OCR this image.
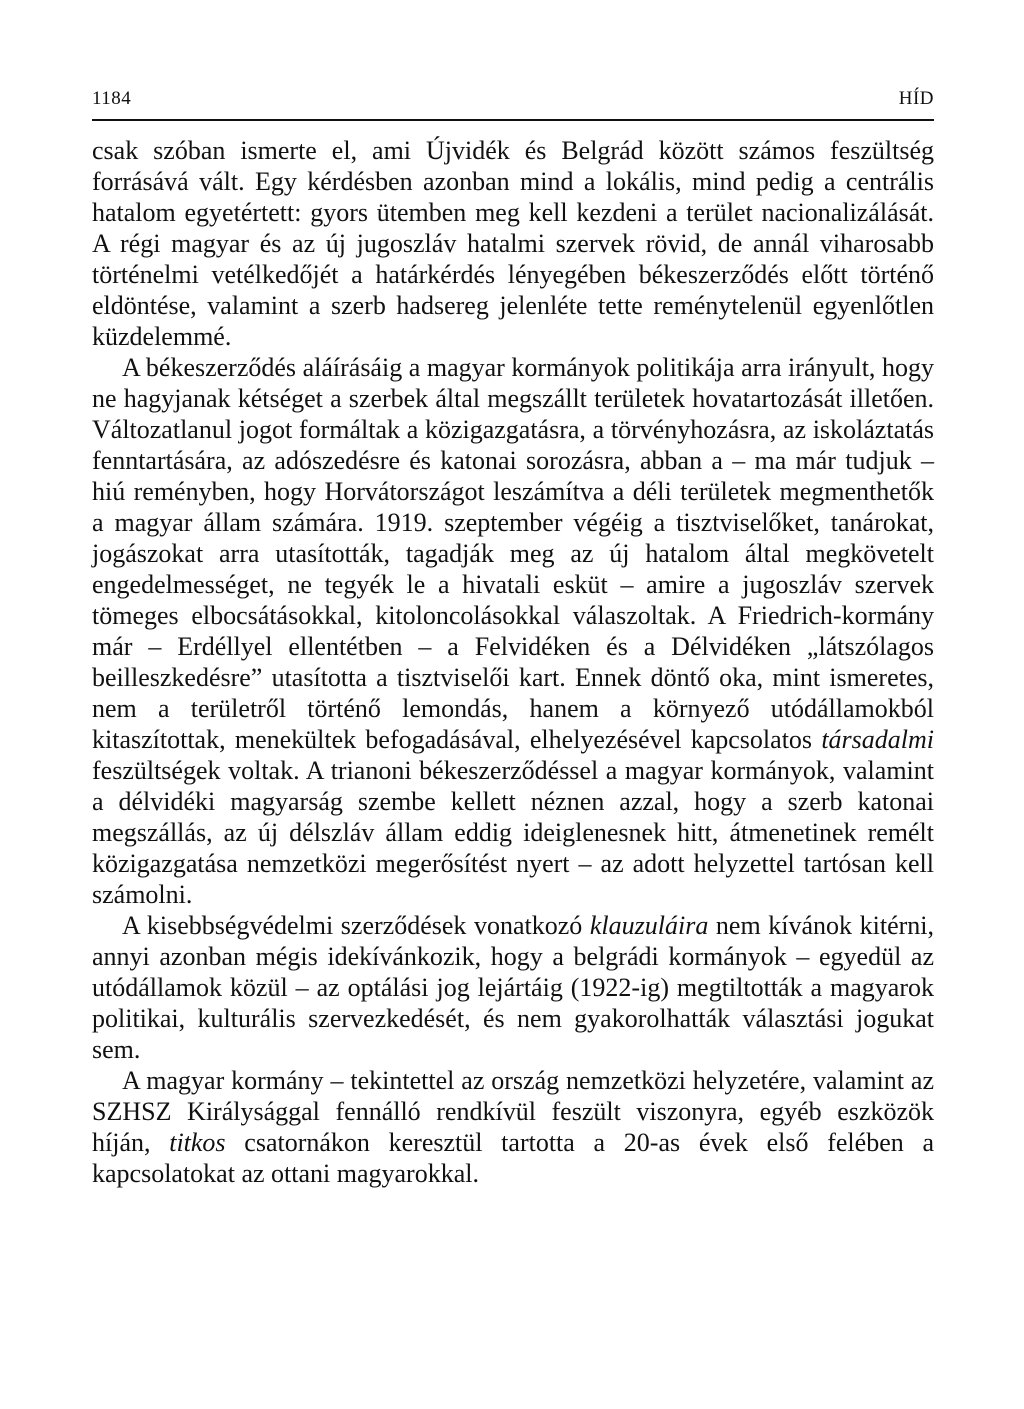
1184	HÍD

csak szóban ismerte el, ami Újvidék és Belgrád között számos feszültség forrásává vált. Egy kérdésben azonban mind a lokális, mind pedig a centrális hatalom egyetértett: gyors ütemben meg kell kezdeni a terület nacionalizálását. A régi magyar és az új jugoszláv hatalmi szervek rövid, de annál viharosabb történelmi vetélkedőjét a határkérdés lényegében békeszerződés előtt történő eldöntése, valamint a szerb hadsereg jelenléte tette reménytelenül egyenlőtlen küzdelemmé.

A békeszerződés aláírásáig a magyar kormányok politikája arra irányult, hogy ne hagyjanak kétséget a szerbek által megszállt területek hovatartozását illetően. Változatlanul jogot formáltak a közigazgatásra, a törvényhozásra, az iskoláztatás fenntartására, az adószedésre és katonai sorozásra, abban a – ma már tudjuk – hiú reményben, hogy Horvátországot leszámítva a déli területek megmenthetők a magyar állam számára. 1919. szeptember végéig a tisztviselőket, tanárokat, jogászokat arra utasították, tagadják meg az új hatalom által megkövetelt engedelmességet, ne tegyék le a hivatali esküt – amire a jugoszláv szervek tömeges elbocsátásokkal, kitoloncolásokkal válaszoltak. A Friedrich-kormány már – Erdéllyel ellentétben – a Felvidéken és a Délvidéken „látszólagos beilleszkedésre” utasította a tisztviselői kart. Ennek döntő oka, mint ismeretes, nem a területről történő lemondás, hanem a környező utódállamokból kitaszítottak, menekültek befogadásával, elhelyezésével kapcsolatos társadalmi feszültségek voltak. A trianoni békeszerződéssel a magyar kormányok, valamint a délvidéki magyarság szembe kellett néznen azzal, hogy a szerb katonai megszállás, az új délszláv állam eddig ideiglenesnek hitt, átmenetinek remélt közigazgatása nemzetközi megerősítést nyert – az adott helyzettel tartósan kell számolni.

A kisebbségvédelmi szerződések vonatkozó klauzuláira nem kívánok kitérni, annyi azonban mégis idekívánkozik, hogy a belgrádi kormányok – egyedül az utódállamok közül – az optálási jog lejártáig (1922-ig) megtiltották a magyarok politikai, kulturális szervezkedését, és nem gyakorolhatták választási jogukat sem.

A magyar kormány – tekintettel az ország nemzetközi helyzetére, valamint az SZHSZ Királysággal fennálló rendkívül feszült viszonyra, egyéb eszközök híján, titkos csatornákon keresztül tartotta a 20-as évek első felében a kapcsolatokat az ottani magyarokkal.
